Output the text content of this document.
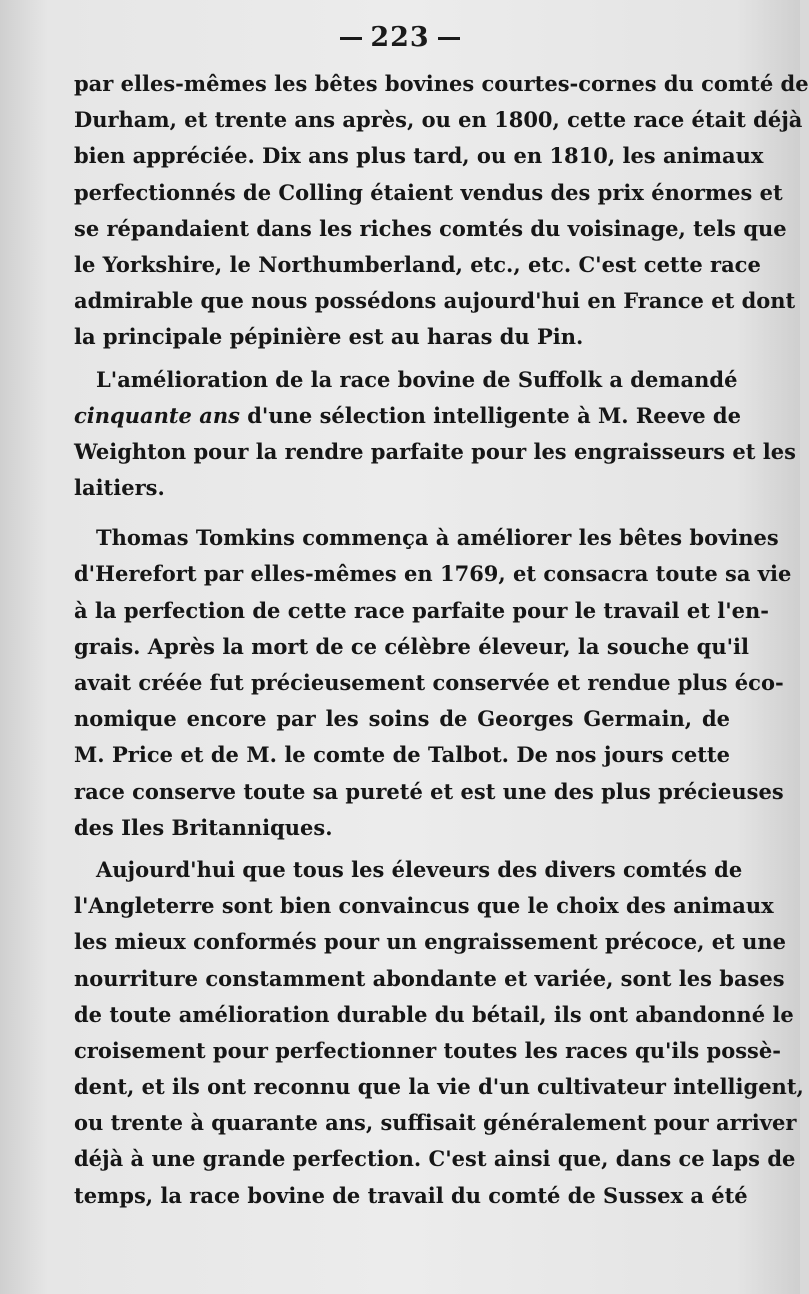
223
par elles-mêmes les bêtes bovines courtes-cornes du comté de
Durham, et trente ans après, ou en 1800, cette race était déjà
bien appréciée. Dix ans plus tard, ou en 1810, les animaux
perfectionnés de Colling étaient vendus des prix énormes et
se répandaient dans les riches comtés du voisinage, tels que
le Yorkshire, le Northumberland, etc., etc. C'est cette race
admirable que nous possédons aujourd'hui en France et dont
la principale pépinière est au haras du Pin.
L'amélioration de la race bovine de Suffolk a demandé
cinquante ans d'une sélection intelligente à M. Reeve de
Weighton pour la rendre parfaite pour les engraisseurs et les
laitiers.
Thomas Tomkins commença à améliorer les bêtes bovines
d'Herefort par elles-mêmes en 1769, et consacra toute sa vie
à la perfection de cette race parfaite pour le travail et l'en-
grais. Après la mort de ce célèbre éleveur, la souche qu'il
avait créée fut précieusement conservée et rendue plus éco-
nomique encore par les soins de Georges Germain, de
M. Price et de M. le comte de Talbot. De nos jours cette
race conserve toute sa pureté et est une des plus précieuses
des Iles Britanniques.
Aujourd'hui que tous les éleveurs des divers comtés de
l'Angleterre sont bien convaincus que le choix des animaux
les mieux conformés pour un engraissement précoce, et une
nourriture constamment abondante et variée, sont les bases
de toute amélioration durable du bétail, ils ont abandonné le
croisement pour perfectionner toutes les races qu'ils possè-
dent, et ils ont reconnu que la vie d'un cultivateur intelligent,
ou trente à quarante ans, suffisait généralement pour arriver
déjà à une grande perfection. C'est ainsi que, dans ce laps de
temps, la race bovine de travail du comté de Sussex a été
